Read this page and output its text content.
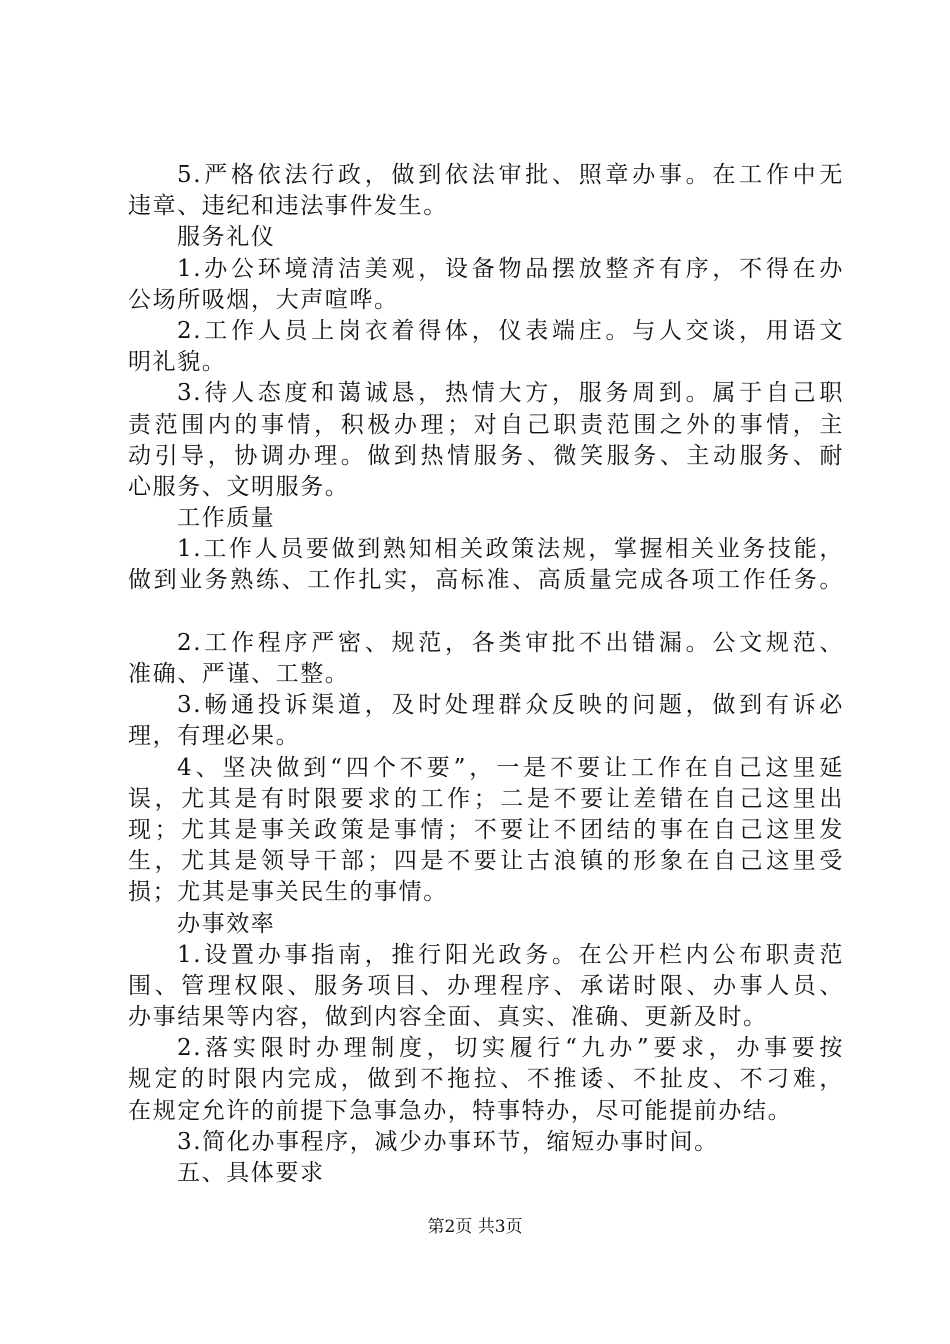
5.严格依法行政，做到依法审批、照章办事。在工作中无
违章、违纪和违法事件发生。
服务礼仪
1.办公环境清洁美观，设备物品摆放整齐有序，不得在办
公场所吸烟，大声喧哗。
2.工作人员上岗衣着得体，仪表端庄。与人交谈，用语文
明礼貌。
3.待人态度和蔼诚恳，热情大方，服务周到。属于自己职
责范围内的事情，积极办理；对自己职责范围之外的事情，主
动引导，协调办理。做到热情服务、微笑服务、主动服务、耐
心服务、文明服务。
工作质量
1.工作人员要做到熟知相关政策法规，掌握相关业务技能，
做到业务熟练、工作扎实，高标准、高质量完成各项工作任务。
2.工作程序严密、规范，各类审批不出错漏。公文规范、
准确、严谨、工整。
3.畅通投诉渠道，及时处理群众反映的问题，做到有诉必
理，有理必果。
4、坚决做到“四个不要”，一是不要让工作在自己这里延
误，尤其是有时限要求的工作；二是不要让差错在自己这里出
现；尤其是事关政策是事情；不要让不团结的事在自己这里发
生，尤其是领导干部；四是不要让古浪镇的形象在自己这里受
损；尤其是事关民生的事情。
办事效率
1.设置办事指南，推行阳光政务。在公开栏内公布职责范
围、管理权限、服务项目、办理程序、承诺时限、办事人员、
办事结果等内容，做到内容全面、真实、准确、更新及时。
2.落实限时办理制度，切实履行“九办”要求，办事要按
规定的时限内完成，做到不拖拉、不推诿、不扯皮、不刁难，
在规定允许的前提下急事急办，特事特办，尽可能提前办结。
3.简化办事程序，减少办事环节，缩短办事时间。
五、具体要求
第2页 共3页
